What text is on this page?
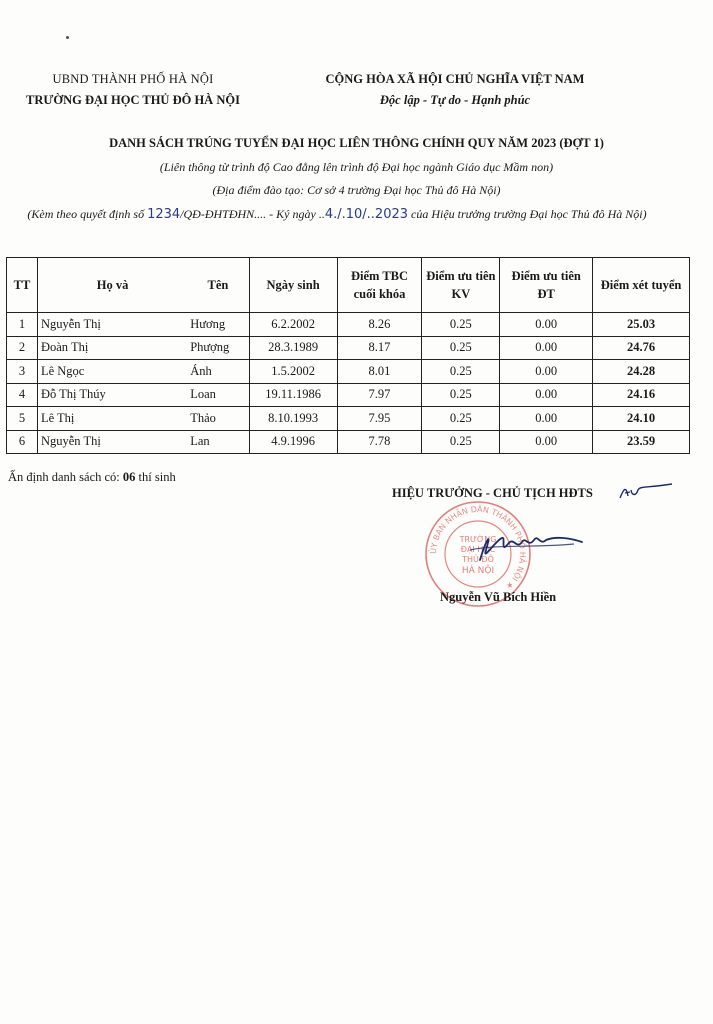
UBND THÀNH PHỐ HÀ NỘI
TRƯỜNG ĐẠI HỌC THỦ ĐÔ HÀ NỘI
CỘNG HÒA XÃ HỘI CHỦ NGHĨA VIỆT NAM
Độc lập - Tự do - Hạnh phúc
DANH SÁCH TRÚNG TUYỂN ĐẠI HỌC LIÊN THÔNG CHÍNH QUY NĂM 2023 (ĐỢT 1)
(Liên thông từ trình độ Cao đẳng lên trình độ Đại học ngành Giáo dục Mầm non)
(Địa điểm đào tạo: Cơ sở 4 trường Đại học Thủ đô Hà Nội)
(Kèm theo quyết định số 1234/QĐ-ĐHTĐHN.... - Ký ngày ..4./.10/..2023 của Hiệu trưởng trường Đại học Thủ đô Hà Nội)
TT	Họ và	Tên	Ngày sinh	Điểm TBC cuối khóa	Điểm ưu tiên KV	Điểm ưu tiên ĐT	Điểm xét tuyển
1	Nguyễn Thị	Hương	6.2.2002	8.26	0.25	0.00	25.03
2	Đoàn Thị	Phượng	28.3.1989	8.17	0.25	0.00	24.76
3	Lê Ngọc	Ánh	1.5.2002	8.01	0.25	0.00	24.28
4	Đỗ Thị Thúy	Loan	19.11.1986	7.97	0.25	0.00	24.16
5	Lê Thị	Thảo	8.10.1993	7.95	0.25	0.00	24.10
6	Nguyễn Thị	Lan	4.9.1996	7.78	0.25	0.00	23.59
Ấn định danh sách có: 06 thí sinh
HIỆU TRƯỞNG - CHỦ TỊCH HĐTS
ỦY BAN NHÂN DÂN THÀNH PHỐ HÀ NỘI ★
TRƯỜNG
ĐẠI HỌC
THỦ ĐÔ
HÀ NỘI
Nguyễn Vũ Bích Hiền
